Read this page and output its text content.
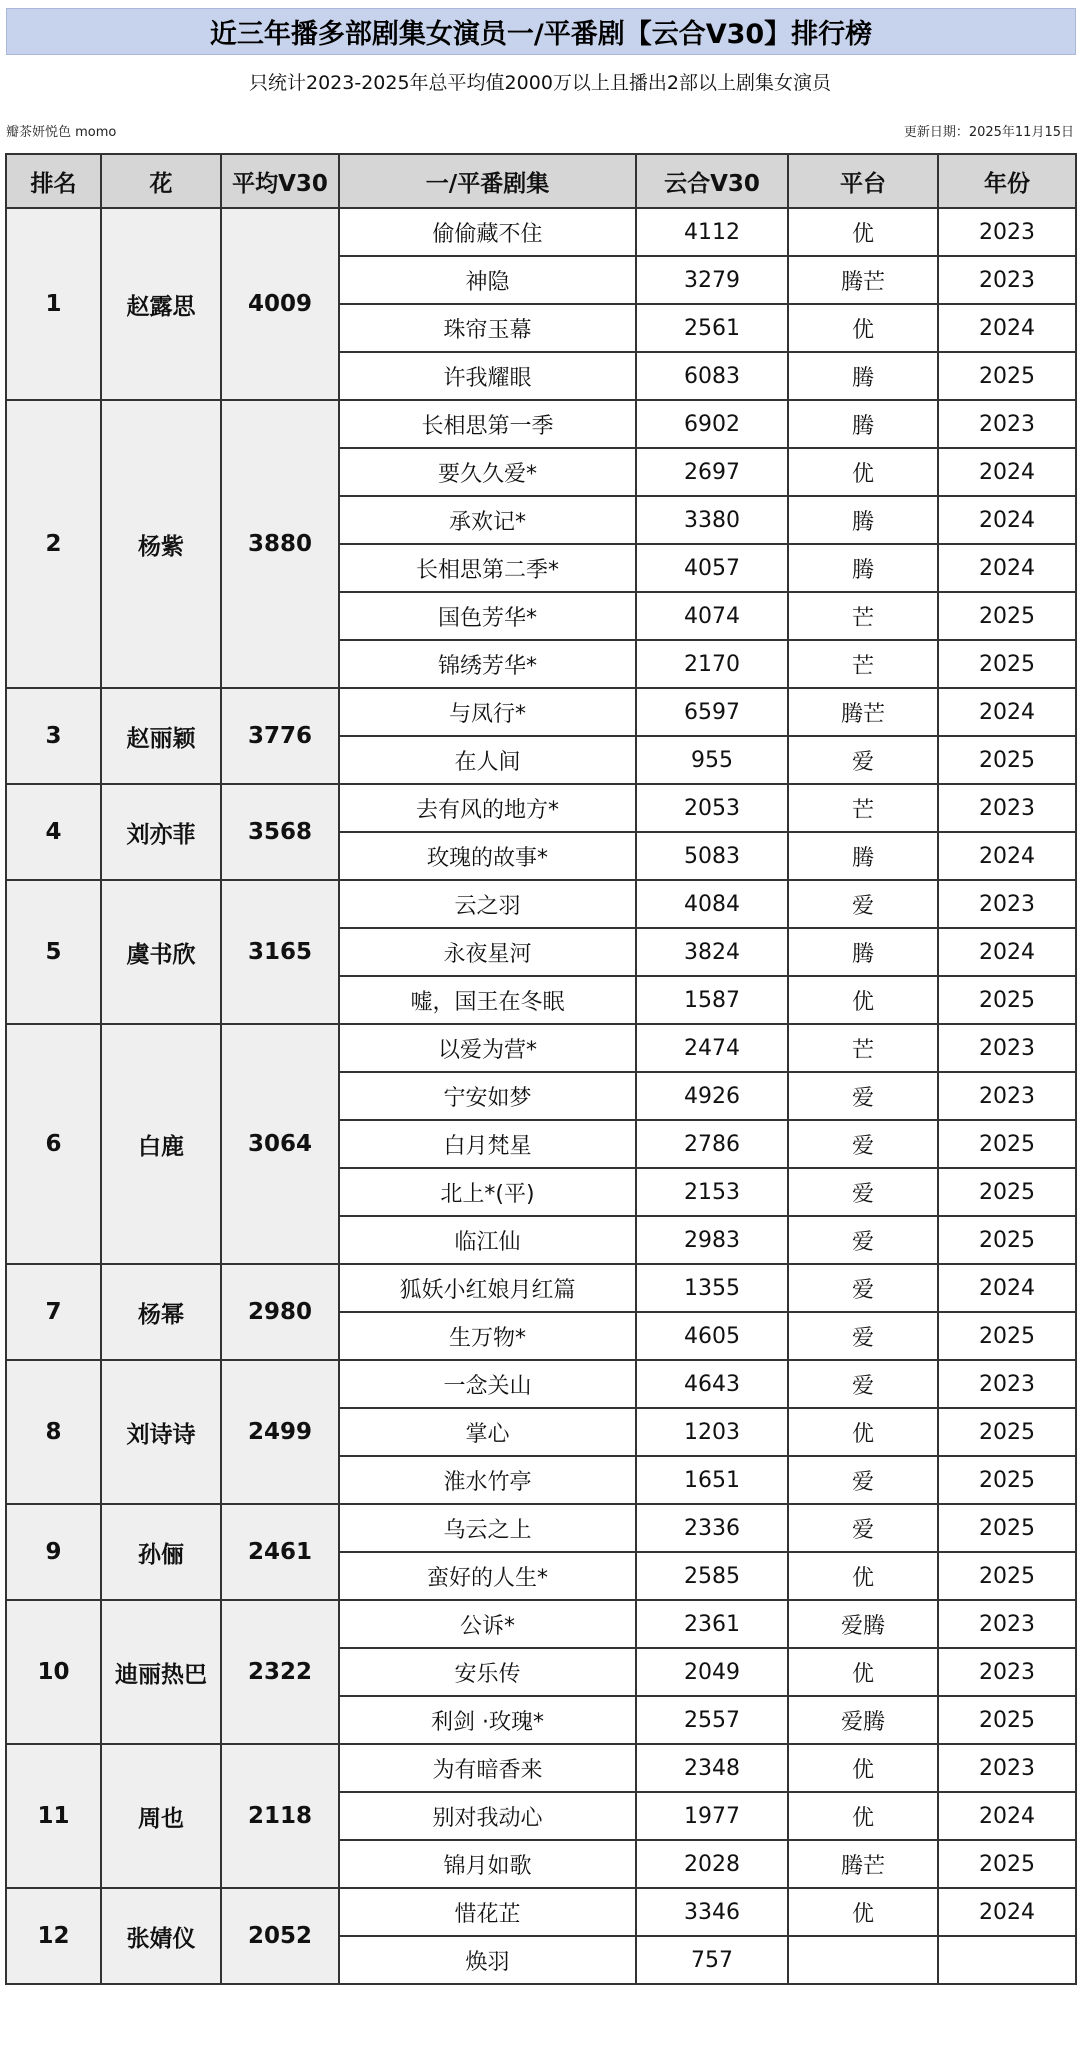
近三年播多部剧集女演员一/平番剧【云合V30】排行榜
只统计2023-2025年总平均值2000万以上且播出2部以上剧集女演员
瓣茶妍悦色 momo	更新日期：2025年11月15日
排名	花	平均V30	一/平番剧集	云合V30	平台	年份
1	赵露思	4009	偷偷藏不住	4112	优	2023
			神隐	3279	腾芒	2023
			珠帘玉幕	2561	优	2024
			许我耀眼	6083	腾	2025
2	杨紫	3880	长相思第一季	6902	腾	2023
			要久久爱*	2697	优	2024
			承欢记*	3380	腾	2024
			长相思第二季*	4057	腾	2024
			国色芳华*	4074	芒	2025
			锦绣芳华*	2170	芒	2025
3	赵丽颖	3776	与凤行*	6597	腾芒	2024
			在人间	955	爱	2025
4	刘亦菲	3568	去有风的地方*	2053	芒	2023
			玫瑰的故事*	5083	腾	2024
5	虞书欣	3165	云之羽	4084	爱	2023
			永夜星河	3824	腾	2024
			嘘，国王在冬眠	1587	优	2025
6	白鹿	3064	以爱为营*	2474	芒	2023
			宁安如梦	4926	爱	2023
			白月梵星	2786	爱	2025
			北上*(平)	2153	爱	2025
			临江仙	2983	爱	2025
7	杨幂	2980	狐妖小红娘月红篇	1355	爱	2024
			生万物*	4605	爱	2025
8	刘诗诗	2499	一念关山	4643	爱	2023
			掌心	1203	优	2025
			淮水竹亭	1651	爱	2025
9	孙俪	2461	乌云之上	2336	爱	2025
			蛮好的人生*	2585	优	2025
10	迪丽热巴	2322	公诉*	2361	爱腾	2023
			安乐传	2049	优	2023
			利剑 ·玫瑰*	2557	爱腾	2025
11	周也	2118	为有暗香来	2348	优	2023
			别对我动心	1977	优	2024
			锦月如歌	2028	腾芒	2025
12	张婧仪	2052	惜花芷	3346	优	2024
			焕羽	757		
